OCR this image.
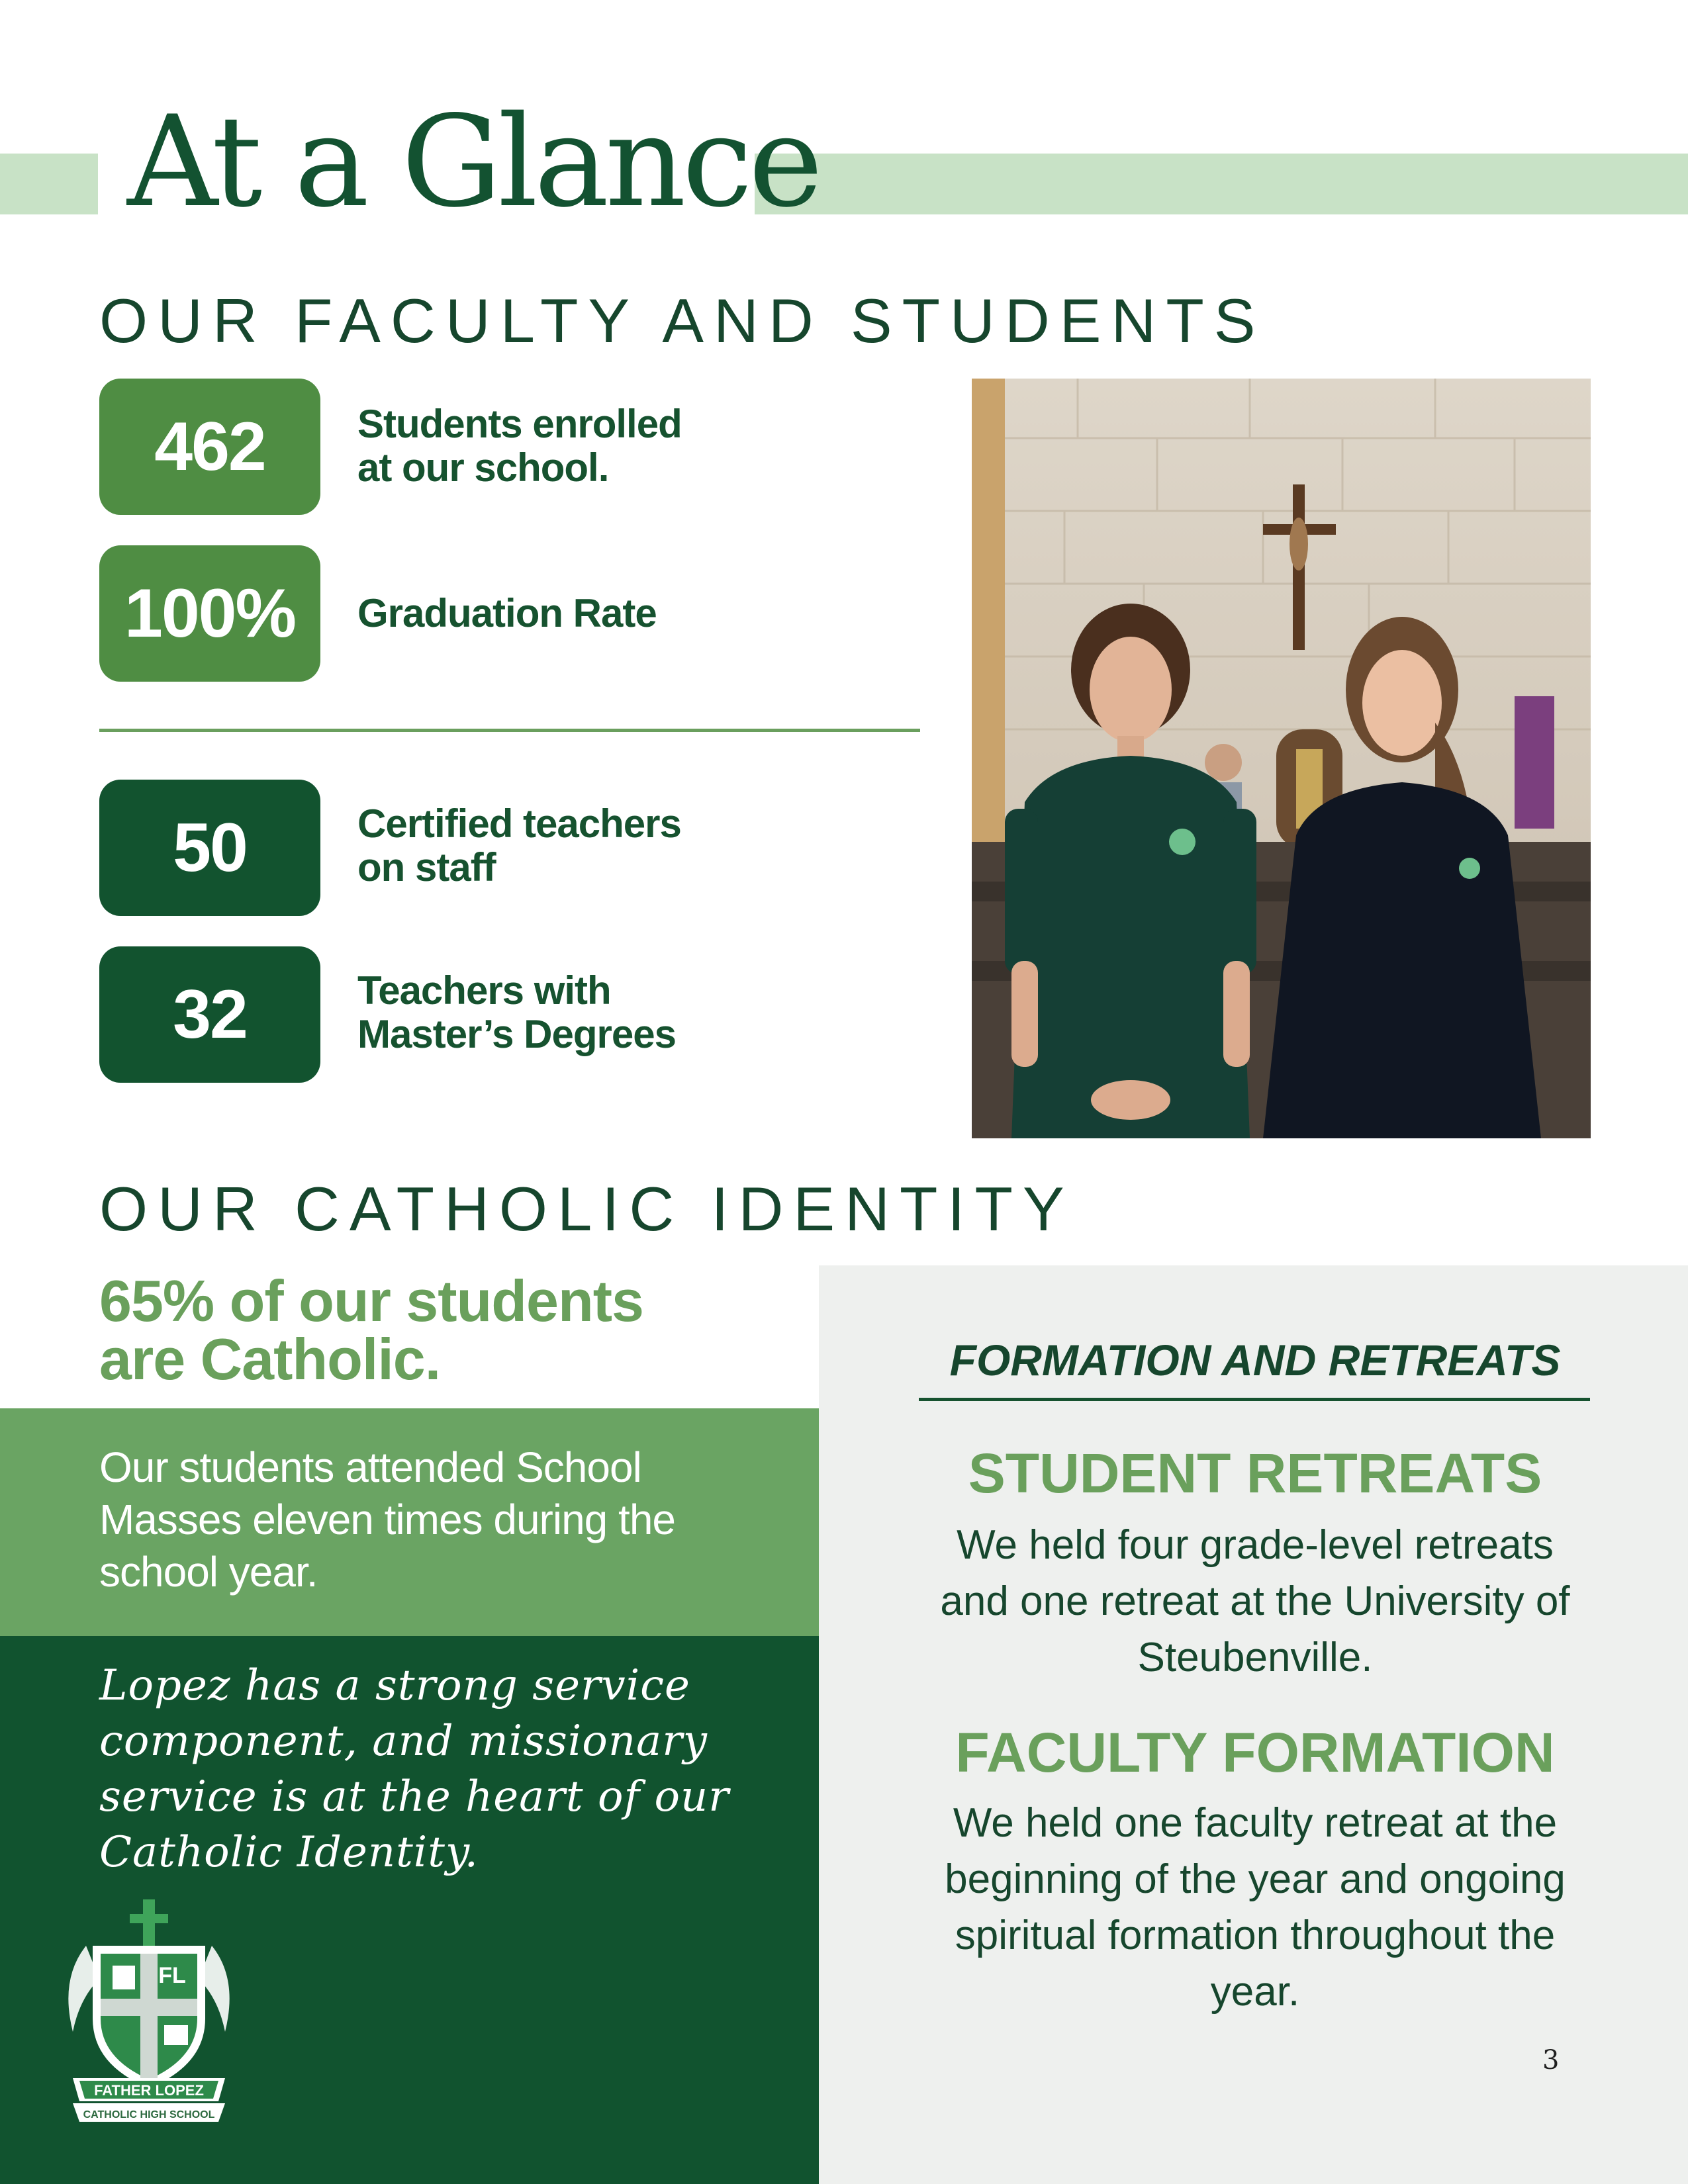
At a Glance
OUR FACULTY AND STUDENTS
462	Students enrolled
at our school.
100%	Graduation Rate
50	Certified teachers
on staff
32	Teachers with
Master’s Degrees
OUR CATHOLIC IDENTITY
65% of our students
are Catholic.
Our students attended School Masses eleven times during the school year.
Lopez has a strong service component, and missionary service is at the heart of our Catholic Identity.
FL
FATHER LOPEZ
CATHOLIC HIGH SCHOOL
FORMATION AND RETREATS
STUDENT RETREATS
We held four grade-level retreats and one retreat at the University of Steubenville.
FACULTY FORMATION
We held one faculty retreat at the beginning of the year and ongoing spiritual formation throughout the year.
3
